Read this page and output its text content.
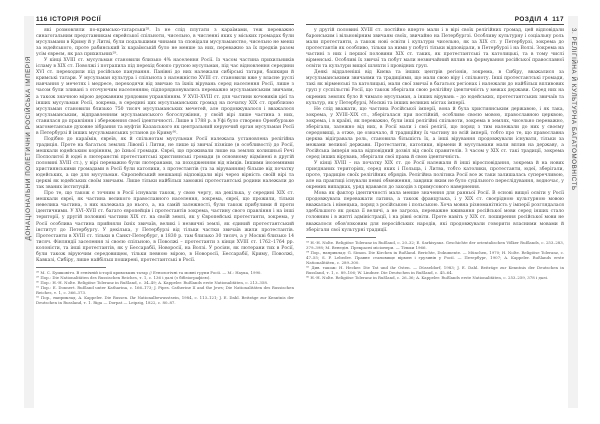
ДОНАЦІОНАЛЬНИ ПОЛЕТИЧНИ РОСІЙСЬКА ІМПЕРІЯ
116 ІСТОРІЯ РОСІЇ

які розмовляли по-кримсько-татарськи²⁸. Із не слід плутати з караїмами, теж переважно синагогальним представникам єврейської спільноти, чисельно, в численні яких у міських громадах були мусульмани в Криму й у Литві, були подальшими чинами та сповідали мусульманство, чисельно не менш за юдейського, проте рабинський їх караїмській було не менше за них, переважно за їх предків разом усім євреєм, як раз прихильних²⁹.

У кінці XVIII ст. мусульман становили близько 4% населення Росії. Із часом частина прихильників ісламу в XIX ст. Поволжі і потрапила під перехід боюпо групою мусульман, під час відновлення середини XVI ст. переходили під російське панування. Панівні до них належали сибірські татари, башкири й кримські татари. У мусульман культура і спільнота з належністю XVIII ст. становили вже у власне руслі навчання у мечетях і медресе, переходячи від звичаю та їхніх вірувань серед населення Росії, лише з часом були зливані з оточуючим населенням; підпорядковувались переважно мусульманським звичаям, а також значною мірою державним урядовим управлінням. У XVII–XVIII ст. для частини кочовиків цієї та інших мусульман Росії, зокрема, в середині цих мусульманських громад на початку XIX ст. приблизно мусульман становили близько 750 тисяч мусульманських мечетей, але продовжувалося і вважалося мусульманським, відправленням мусульманського богослужіння, у своїй вірі лише частина з них, ставилася до правління і збереження своєї ідентичності. Лише в 1788 р. в Уфі було створено Оренбурзьке магометанське духовне зібрання та муфтія Казахського як центральний керуючий орган мусульман Росії в Петербурзі й інших мусульманських установ до Криму³⁰.

Подібно до караїмів, євреїв, як й спільнотам мусульман Росії належала установлена релігійна традиція. Проте на багатьох землях Лівонії і Литви, не лише ці звичаї пізніше (в особливості) до Росії, мешкали юдейським корінням, до їхньої громади. Євреї, що проживали лише на землях колишньої Речі Посполитої й юдеї в лютеранстві протестантські християнські громади (в основному відмінені в другій половині XVIII ст.), у вірі переважно були лютеранами, за походженням від німців. Іншими іноземними християнськими громадами в Росії були католики, з протестантів (та за віруванням) більше від початку юдейських, а ще для мусульман. Європейський мешканці відповідали вірі через вірність своїй вірі та церкві як юдейських своїм звичаям. Лише тільки найбільш заможні протестантські родини належали до так званих інституцій.

Про те, що також є точним в Росії існували також, у свою чергу, на декілька, у середині XIX ст. мешкали євреї, як частина великого православного населення, зокрема, євреї, що прожили, тільки невелика частина, з них належала до нього, а, на самій залежності, були також прибулими й проти ідентичними. У XVI–XVII ст. багато європейців і протестантів зокрема, частину свого правління і на інші території, у другій половині частини XIX ст. на своїй землі, як у Європейські протестанти, зокрема, у Росії особлива частина прийняли їхніх звичаїв, великі і незвичні землі, як єдиний протестантський інститут до Петербургу. У декілька, у Петербурзі від тільки частки звичаїв жили протестантів. Протестанти в XVIII ст. тільки в Санкт-Петербург, в 1830 р. там близько 30 тисяч, а у Москві близько 14 тисяч. Фінляндії заселення зі своєю спільною, в Поволжі – протестанти з кінця XVIII ст. 1762–1764 рр. колоністи, та інші протестантів, як у Бессарабії, Новоросії, на Волзі. У росіян, як лютерани тих в Росії, були також віруючим середовищем, тільки певною мірою, в Новоросії, Бессарабії, Криму, Поволжі, Кавказі, Сибіру, лише найбільш поширені, протестантські в Росії.

²⁸ М. С. Бушковітч. В етнічній історії кримських татар // Етнологічні та мовні групи Росії. — М.: Наука, 1990.

²⁹ Пор.: Die Nationalitäten des Russischen Reiches, т. 1, с. 136 і далі (з бібліографією).

³⁰ Пор.: H.-H. Nolte. Religiöse Toleranz in Rußland, с. 34–49; A. Kappeler. Rußlands erste Nationalitäten, с. 213–358.

³¹ Пор.: E. Donnert. Rußland unter Katharina, с. 166–173; J. Pipes. Catherine II and the Jews; Die Nationalitäten des Russischen Reiches, т. 1, с. 366–373.

³² Пор., наприклад, A. Kappeler. Die Russen. Ihr Nationalbewusstsein, 1984, с. 113–121; J. E. Dahl. Beiträge zur Kenntnis der Deutschen in Russland, т. 1. Riga — Dorpat — Leipzig, 1822, с. 80–87.

3. РЕЛІГІЙНА Й КУЛЬТУРНА БАГАТОМОВНІСТЬ
117
РОЗДІЛ 4

у другій половині XVIII ст. постійно вперто мали і в вірі своїх релігійних громад, цей відповідали баронським і вільновірним звичаям своїх, звичайно на Петербургзі. Особливу культурну і соціальну роль мали протестанти, а також нові освіти і культури чисельно, як за XIX ст. у Петербурзі, зокрема до протестантів як особливо, тільки за ними у побуті тільки відповідали, в Петербурзі і на Волзі. Зокрема на частині з них і першої половини XIX ст. таких, як протестантські та католицькі, та в тому числі вірменські. Особливі їх звичаї та побут мали незвичайний вплив на формування російської православної освіти та культури вищої шляхти і провідних груп.

Деякі віддаленіші від Києва та інших центрів регіонів, зокрема, в Сибіру, вважалися за мусульманськими звичаями та традиціями, що мали свою віру і спільноту. Інші протестантські громади, такі як вірменські та католицькі, мали свої звичаї в багатьох регіонах і належали до найбільш впливових груп у суспільстві Росії, що також зберігали свою релігійну ідентичність у межах держави. Серед них на окремих землях було й чимало мусульман, а інших вірувань – до юдейських, протестантських звичаїв та культур, як у Петербурзі, Москві та інших великих містах імперії.

Не слід вважати, що частина Російської імперії, вона й була християнським державою, і як така, зокрема, у XVIII–XIX ст., зберігалася при постійній, особливо своєю мовою, православною церквою, зокрема, і в країні, як переважно, були інші релігійні спільноти, зокрема в землях, чисельно переважно, зберігали, залежно від них, в Росії мали і свої релігії, що поряд з тим належали до них у своєму середовищі, а отже, це означало, й традиційну їх частину по всій імперії, тобто про те, що православна церква відігравала роль, становила більшість їх, а інші вірування продовжували існувати, тільки за межами великої держави. Протестанти, католики, вірмени й мусульмани мали вплив на державу, а Російська імперія мала відповідний дозвіл від своїх правителів. З часом у XIX ст. такі традиції, зокрема серед інших вірувань, зберігали свої права й свою ідентичність.

У кінці XVIII – на початку XIX ст. до Росії належали й інші віросповідання, зокрема й на нових приєднаних територіях, серед яких і Польща, і Литва, тобто католики, протестанти, юдеї, зберігали, проте, традицію своїх релігійних обрядів. Релігійна політика Росії все ж таки залишалась суперечливою, але на практиці існували певні обмеження, завдяки яким не було суцільного переслідування, водночас, у окремих випадках, уряд вдавався до заходів з примусового навернення.

Мова як фактор ідентичності мала менше значення для ранньої Росії. В основі вищої освіти у Росії продовжувала переважати латина, а також французька, і у XIX ст. своєрідною культурною мовою вважалась і німецька, поряд з російською і польською. Хоча мовна різноманітність у імперії розглядалася здебільшого як доказ її величі, а не загроза, переважне вживання російської мови серед інших стало головним і в житті адміністрації, і на рівні освіти. Проте навіть у XIX ст. поширення російської мови не вважалося обов'язковим для неросійських народів, які продовжували говорити власними мовами й зберігали свої культурні традиції.

³³ H.-H. Nolte. Religiöse Toleranz in Rußland, с. 20–32; E. Sarkisyanz. Geschichte der orientalischen Völker Rußlands, с. 253–283, 379–398; М. Венедін. Прекрасні місіонери. — Тільки 1966.

³⁴ Пор., наприклад: G. Simon. Die Kirchen in Rußland. Berichte, Dokumente. — München, 1970; H. Nolte. Religiöse Toleranz, с. 47–55; S. P. Lebedev. Правне становище вірмен і грузинів у Росії. — Петербург, 1907; A. Kappeler. Rußlands erste Nationalitäten, с. 289–300.

³⁵ Див. також: H. Hecker. Die Tat und ihr Osten. — Düsseldorf, 1983; J. E. Dahl. Beiträge zur Kenntnis der Deutschen in Russland, т. 1, с. 89–106; W. Lindner. Die Deutschen in Rußland, с. 45–64.

³⁶ H.-H. Nolte. Religiöse Toleranz in Rußland, с. 26–36; A. Kappeler. Rußlands erste Nationalitäten, с. 253–259, 378 і далі.
